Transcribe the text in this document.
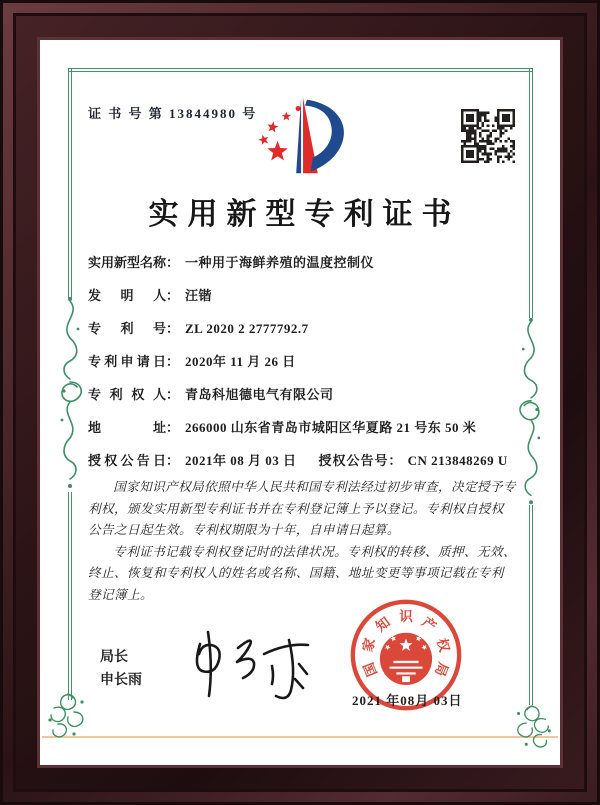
证 书 号 第 13844980 号
实用新型专利证书
实用新型名称： 一种用于海鲜养殖的温度控制仪
发明人： 汪锴
专利号： ZL 2020 2 2777792.7
专利申请日： 2020年 11 月 26 日
专利权人： 青岛科旭德电气有限公司
地址： 266000 山东省青岛市城阳区华夏路 21 号东 50 米
授权公告日： 2021年 08 月 03 日 授权公告号： CN 213848269 U

国家知识产权局依照中华人民共和国专利法经过初步审查，决定授予专利权，颁发实用新型专利证书并在专利登记簿上予以登记。专利权自授权公告之日起生效。专利权期限为十年，自申请日起算。

专利证书记载专利权登记时的法律状况。专利权的转移、质押、无效、终止、恢复和专利权人的姓名或名称、国籍、地址变更等事项记载在专利登记簿上。

局长
申长雨
国
家
知 识 产
权
局
2021 年08月 03日
